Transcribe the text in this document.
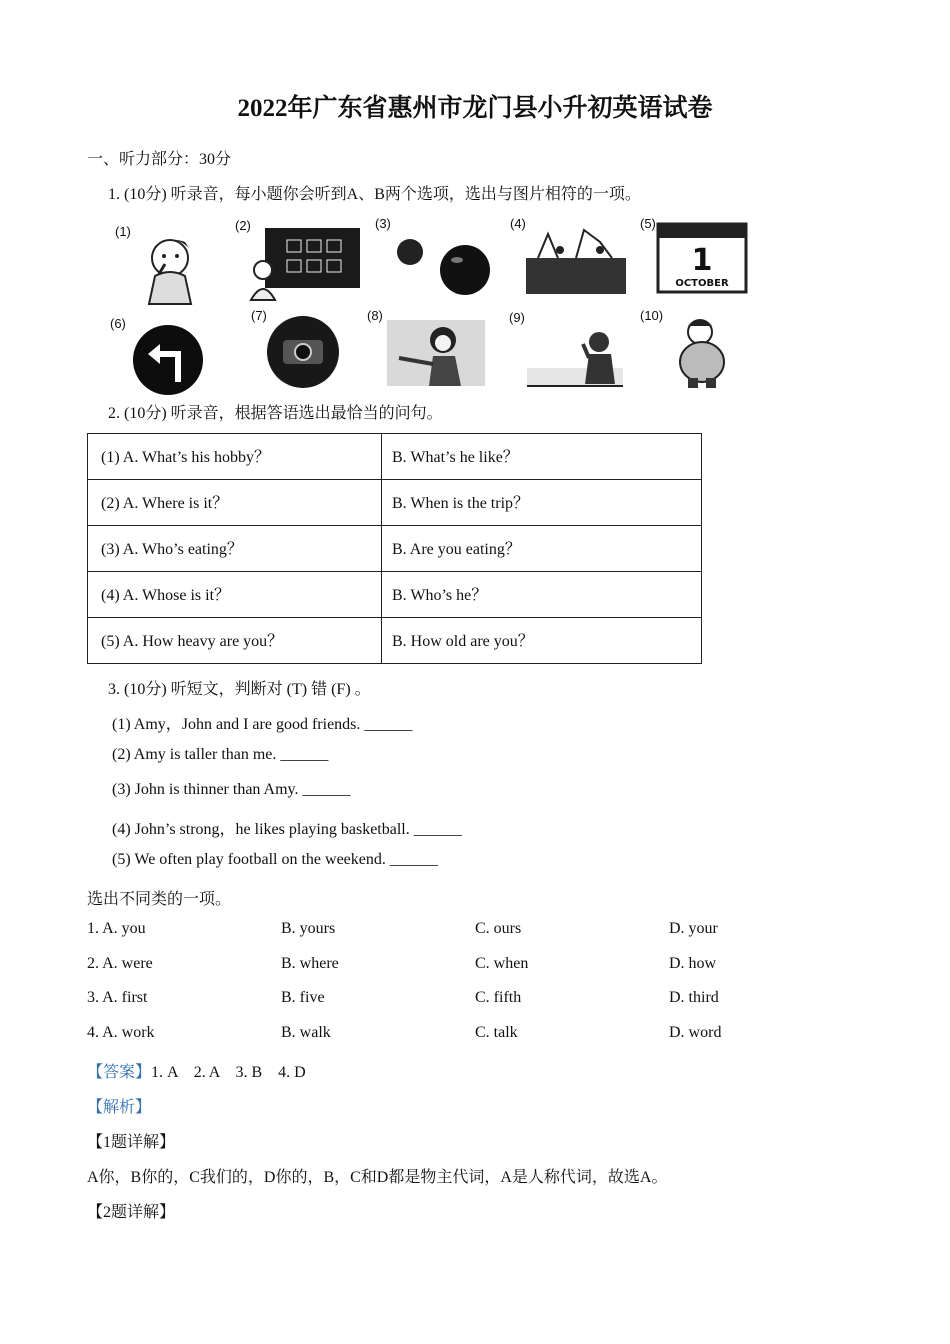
2022年广东省惠州市龙门县小升初英语试卷
一、听力部分：30分
1. (10分) 听录音，每小题你会听到A、B两个选项，选出与图片相符的一项。
(1)	(2)	(3)	(4)	(5)
1
OCTOBER
(6)
(7)	(8)	(9)	(10)
2. (10分) 听录音，根据答语选出最恰当的问句。
(1) A. What’s his hobby？	B. What’s he like？
(2) A. Where is it？	B. When is the trip？
(3) A. Who’s eating？	B. Are you eating？
(4) A. Whose is it？	B. Who’s he？
(5) A. How heavy are you？	B. How old are you？
3. (10分) 听短文，判断对 (T) 错 (F) 。
(1) Amy，John and I are good friends. ______
(2) Amy is taller than me. ______
(3) John is thinner than Amy. ______
(4) John’s strong，he likes playing basketball. ______
(5) We often play football on the weekend. ______
选出不同类的一项。
1. A. you	B. yours	C. ours	D. your
2. A. were	B. where	C. when	D. how
3. A. first	B. five	C. fifth	D. third
4. A. work	B. walk	C. talk	D. word
【答案】1. A    2. A    3. B    4. D
【解析】
【1题详解】
A你，B你的，C我们的，D你的，B，C和D都是物主代词，A是人称代词，故选A。
【2题详解】
